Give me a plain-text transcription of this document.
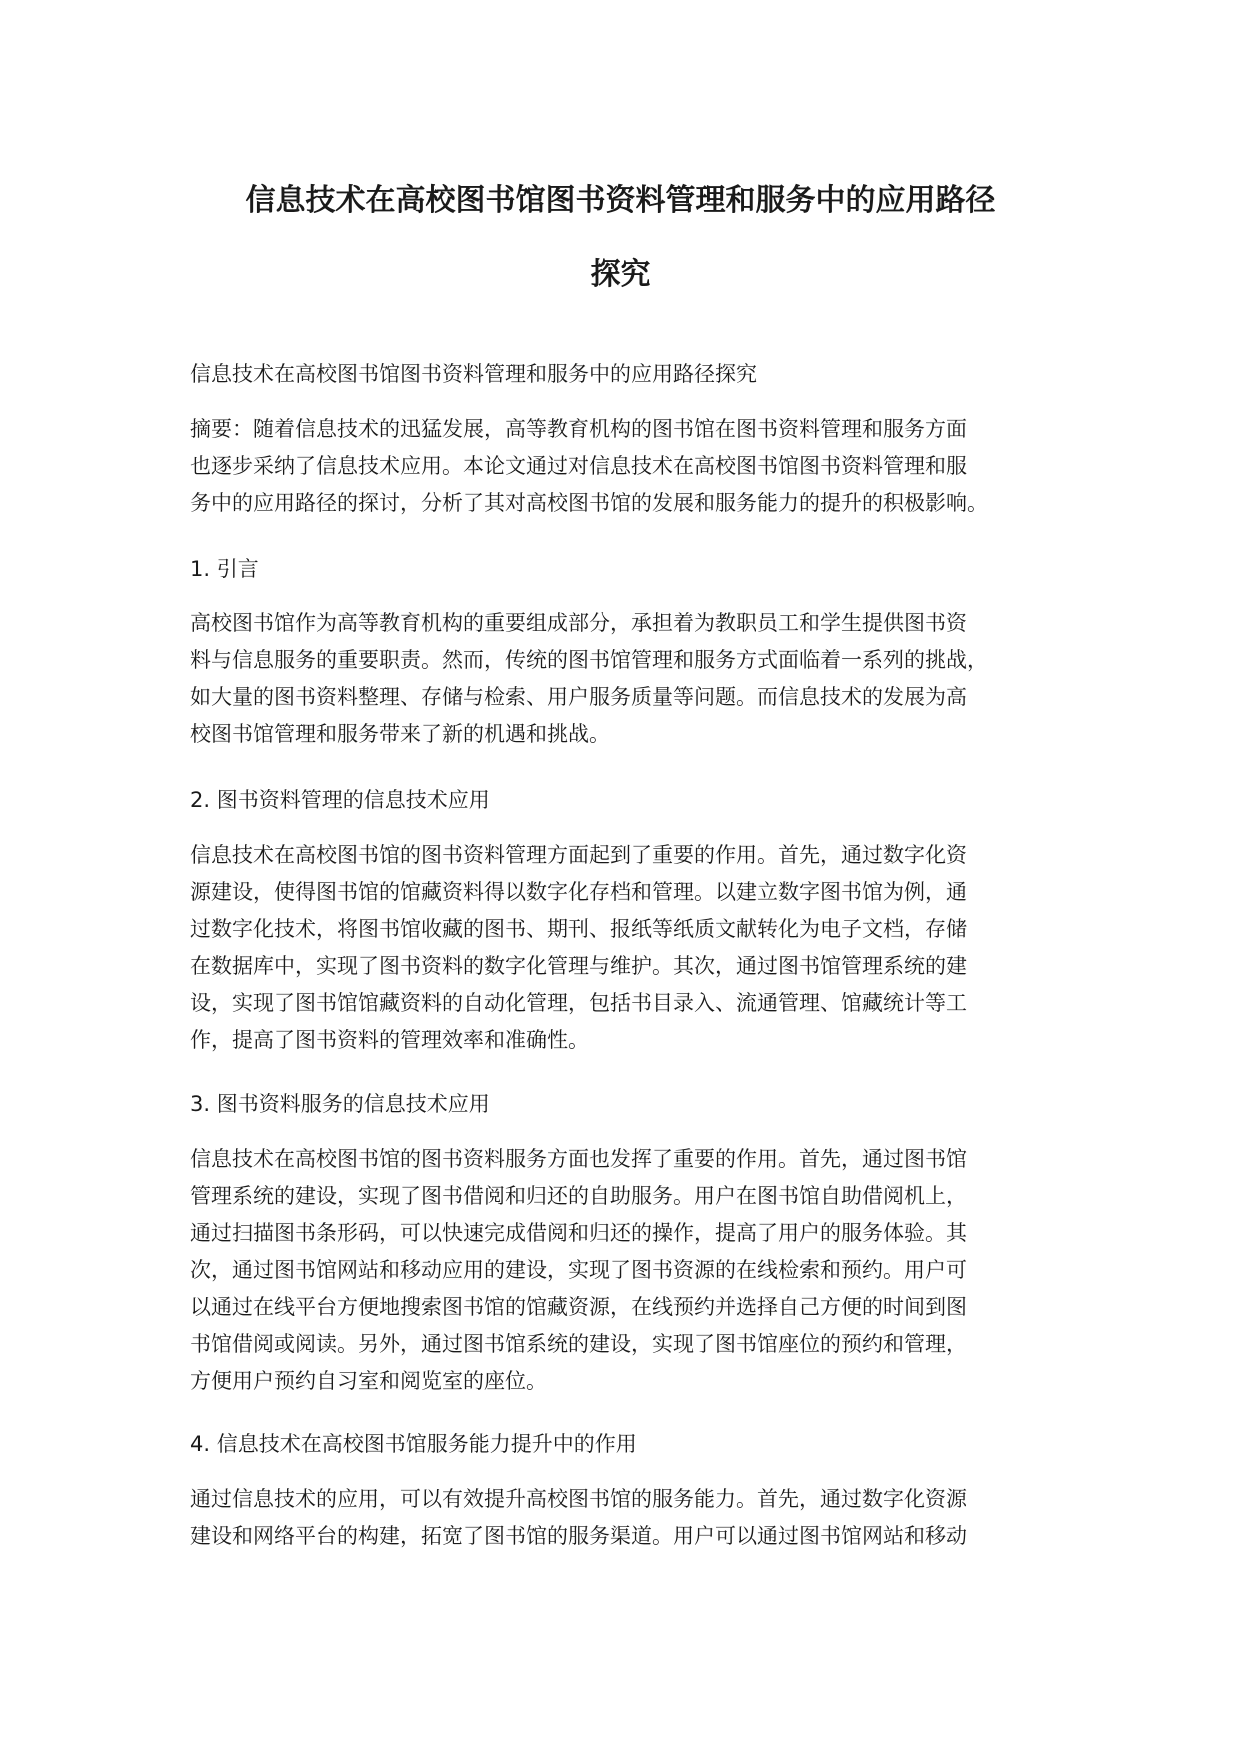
信息技术在高校图书馆图书资料管理和服务中的应用路径
探究

信息技术在高校图书馆图书资料管理和服务中的应用路径探究

摘要：随着信息技术的迅猛发展，高等教育机构的图书馆在图书资料管理和服务方面
也逐步采纳了信息技术应用。本论文通过对信息技术在高校图书馆图书资料管理和服
务中的应用路径的探讨，分析了其对高校图书馆的发展和服务能力的提升的积极影响。

1. 引言

高校图书馆作为高等教育机构的重要组成部分，承担着为教职员工和学生提供图书资
料与信息服务的重要职责。然而，传统的图书馆管理和服务方式面临着一系列的挑战，
如大量的图书资料整理、存储与检索、用户服务质量等问题。而信息技术的发展为高
校图书馆管理和服务带来了新的机遇和挑战。

2. 图书资料管理的信息技术应用

信息技术在高校图书馆的图书资料管理方面起到了重要的作用。首先，通过数字化资
源建设，使得图书馆的馆藏资料得以数字化存档和管理。以建立数字图书馆为例，通
过数字化技术，将图书馆收藏的图书、期刊、报纸等纸质文献转化为电子文档，存储
在数据库中，实现了图书资料的数字化管理与维护。其次，通过图书馆管理系统的建
设，实现了图书馆馆藏资料的自动化管理，包括书目录入、流通管理、馆藏统计等工
作，提高了图书资料的管理效率和准确性。

3. 图书资料服务的信息技术应用

信息技术在高校图书馆的图书资料服务方面也发挥了重要的作用。首先，通过图书馆
管理系统的建设，实现了图书借阅和归还的自助服务。用户在图书馆自助借阅机上，
通过扫描图书条形码，可以快速完成借阅和归还的操作，提高了用户的服务体验。其
次，通过图书馆网站和移动应用的建设，实现了图书资源的在线检索和预约。用户可
以通过在线平台方便地搜索图书馆的馆藏资源，在线预约并选择自己方便的时间到图
书馆借阅或阅读。另外，通过图书馆系统的建设，实现了图书馆座位的预约和管理，
方便用户预约自习室和阅览室的座位。

4. 信息技术在高校图书馆服务能力提升中的作用

通过信息技术的应用，可以有效提升高校图书馆的服务能力。首先，通过数字化资源
建设和网络平台的构建，拓宽了图书馆的服务渠道。用户可以通过图书馆网站和移动
